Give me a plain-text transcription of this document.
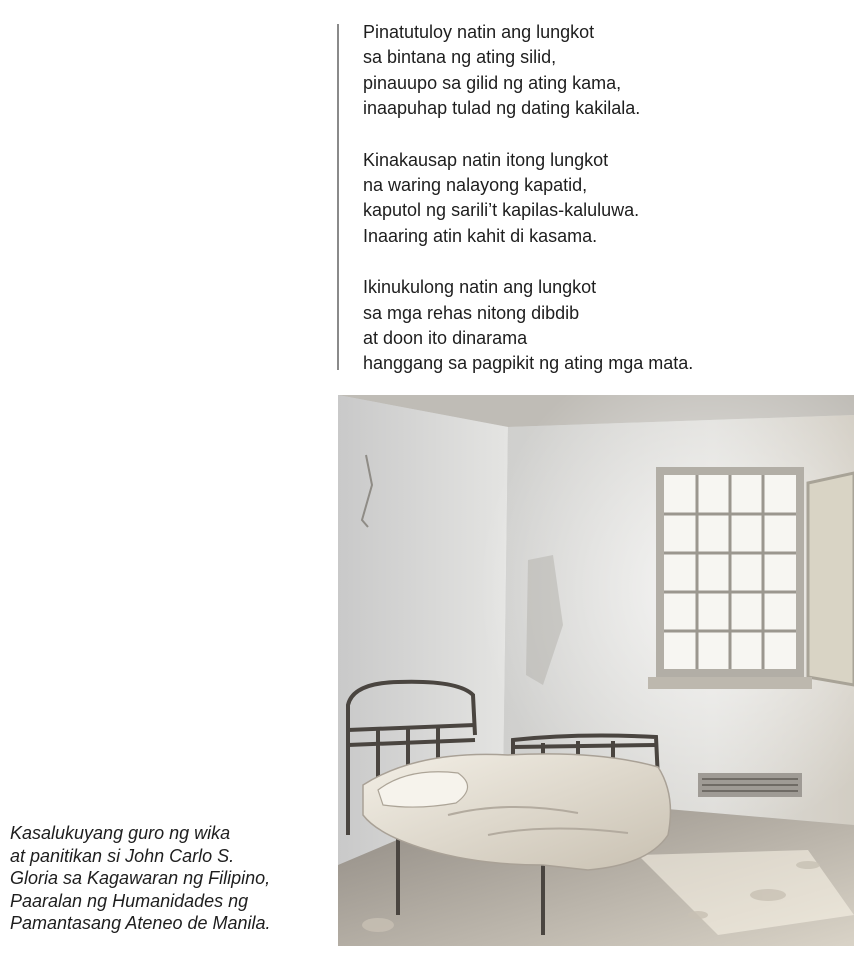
Pinatutuloy natin ang lungkot
sa bintana ng ating silid,
pinauupo sa gilid ng ating kama,
inaapuhap tulad ng dating kakilala.
Kinakausap natin itong lungkot
na waring nalayong kapatid,
kaputol ng sarili’t kapilas-kaluluwa.
Inaaring atin kahit di kasama.
Ikinukulong natin ang lungkot
sa mga rehas nitong dibdib
at doon ito dinarama
hanggang sa pagpikit ng ating mga mata.
Kasalukuyang guro ng wika
at panitikan si John Carlo S.
Gloria sa Kagawaran ng Filipino,
Paaralan ng Humanidades ng
Pamantasang Ateneo de Manila.
